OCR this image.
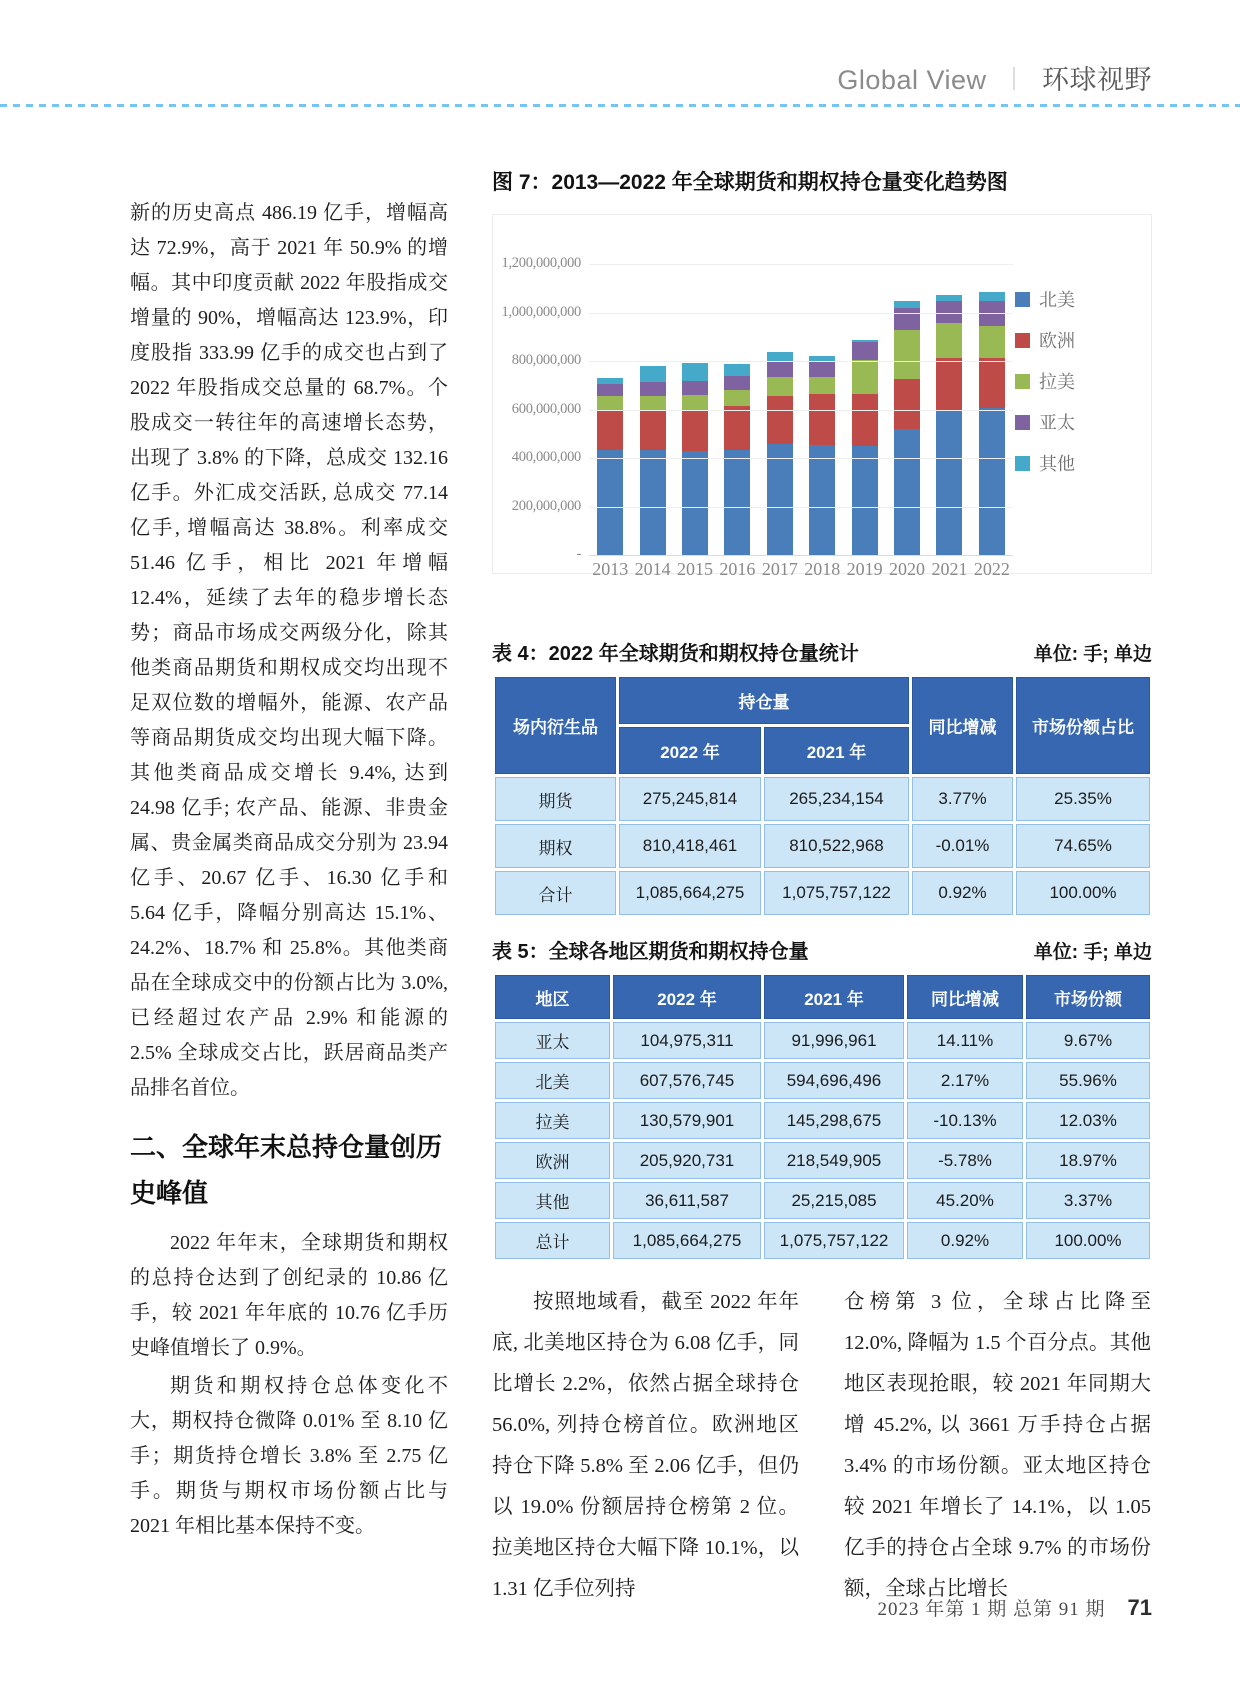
Global View ︱ 环球视野

新的历史高点 486.19 亿手，增幅高达 72.9%，高于 2021 年 50.9% 的增幅。其中印度贡献 2022 年股指成交增量的 90%，增幅高达 123.9%，印度股指 333.99 亿手的成交也占到了 2022 年股指成交总量的 68.7%。个股成交一转往年的高速增长态势，出现了 3.8% 的下降，总成交 132.16 亿手。外汇成交活跃, 总成交 77.14 亿手, 增幅高达 38.8%。利率成交 51.46 亿手，相比 2021 年增幅 12.4%，延续了去年的稳步增长态势；商品市场成交两级分化，除其他类商品期货和期权成交均出现不足双位数的增幅外，能源、农产品等商品期货成交均出现大幅下降。其他类商品成交增长 9.4%, 达到 24.98 亿手; 农产品、能源、非贵金属、贵金属类商品成交分别为 23.94 亿手、20.67 亿手、16.30 亿手和 5.64 亿手，降幅分别高达 15.1%、24.2%、18.7% 和 25.8%。其他类商品在全球成交中的份额占比为 3.0%, 已经超过农产品 2.9% 和能源的 2.5% 全球成交占比，跃居商品类产品排名首位。

二、全球年末总持仓量创历史峰值

2022 年年末，全球期货和期权的总持仓达到了创纪录的 10.86 亿手，较 2021 年年底的 10.76 亿手历史峰值增长了 0.9%。

期货和期权持仓总体变化不大，期权持仓微降 0.01% 至 8.10 亿手；期货持仓增长 3.8% 至 2.75 亿手。期货与期权市场份额占比与 2021 年相比基本保持不变。

图 7：2013—2022 年全球期货和期权持仓量变化趋势图
1,200,000,000
1,000,000,000
800,000,000
600,000,000
400,000,000
200,000,000
-
2013 2014 2015 2016 2017 2018 2019 2020 2021 2022
北美
欧洲
拉美
亚太
其他
表 4：2022 年全球期货和期权持仓量统计	单位: 手; 单边
场内衍生品	持仓量		同比增减	市场份额占比
	2022 年	2021 年		
期货	275,245,814	265,234,154	3.77%	25.35%
期权	810,418,461	810,522,968	-0.01%	74.65%
合计	1,085,664,275	1,075,757,122	0.92%	100.00%
表 5：全球各地区期货和期权持仓量	单位: 手; 单边
地区	2022 年	2021 年	同比增减	市场份额
亚太	104,975,311	91,996,961	14.11%	9.67%
北美	607,576,745	594,696,496	2.17%	55.96%
拉美	130,579,901	145,298,675	-10.13%	12.03%
欧洲	205,920,731	218,549,905	-5.78%	18.97%
其他	36,611,587	25,215,085	45.20%	3.37%
总计	1,085,664,275	1,075,757,122	0.92%	100.00%

按照地域看，截至 2022 年年底, 北美地区持仓为 6.08 亿手，同比增长 2.2%，依然占据全球持仓 56.0%, 列持仓榜首位。欧洲地区持仓下降 5.8% 至 2.06 亿手，但仍以 19.0% 份额居持仓榜第 2 位。拉美地区持仓大幅下降 10.1%，以 1.31 亿手位列持

仓榜第 3 位，全球占比降至 12.0%, 降幅为 1.5 个百分点。其他地区表现抢眼，较 2021 年同期大增 45.2%, 以 3661 万手持仓占据 3.4% 的市场份额。亚太地区持仓较 2021 年增长了 14.1%，以 1.05 亿手的持仓占全球 9.7% 的市场份额，全球占比增长

2023 年第 1 期 总第 91 期 71
